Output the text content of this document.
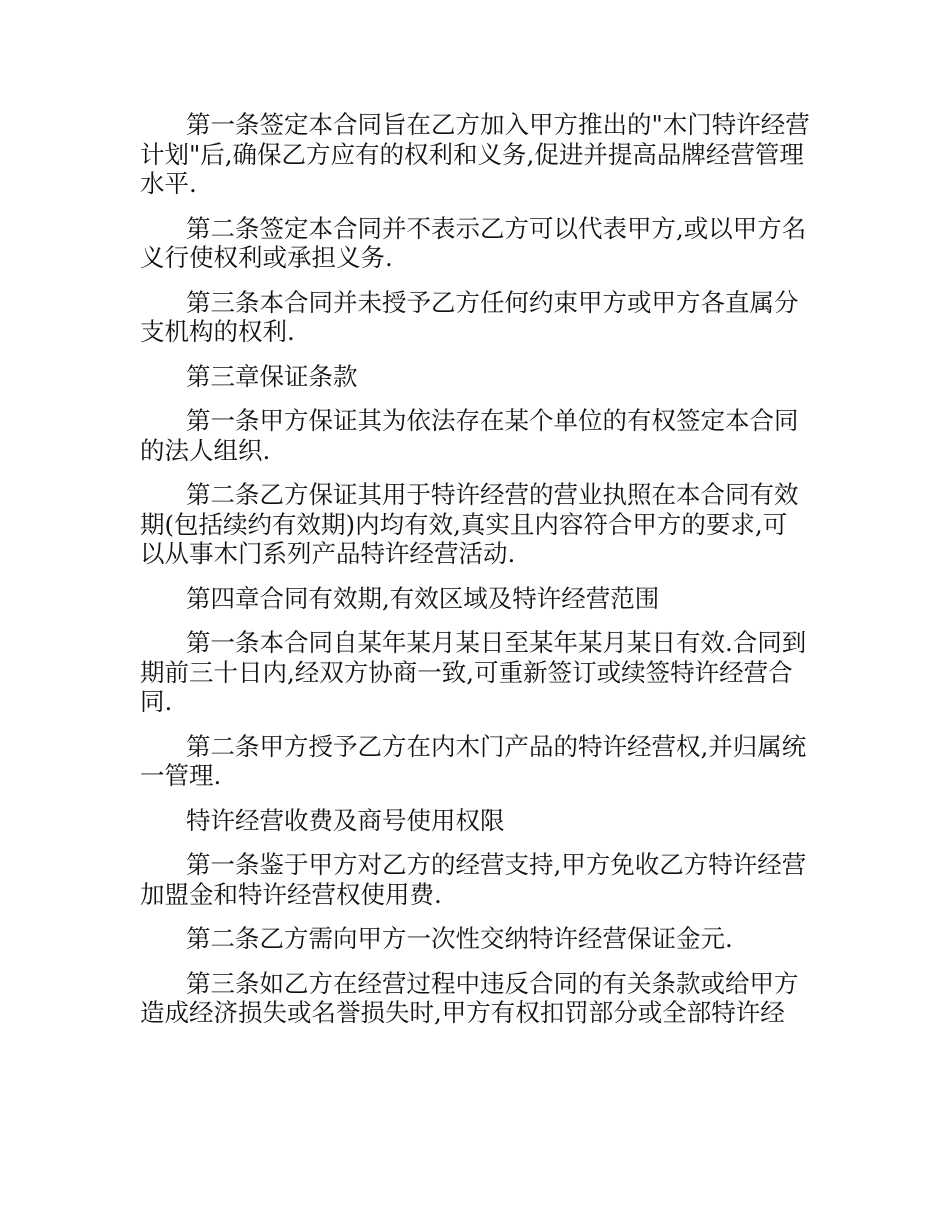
第一条签定本合同旨在乙方加入甲方推出的"木门特许经营计划"后,确保乙方应有的权利和义务,促进并提高品牌经营管理水平.

第二条签定本合同并不表示乙方可以代表甲方,或以甲方名义行使权利或承担义务.

第三条本合同并未授予乙方任何约束甲方或甲方各直属分支机构的权利.

第三章保证条款

第一条甲方保证其为依法存在某个单位的有权签定本合同的法人组织.

第二条乙方保证其用于特许经营的营业执照在本合同有效期(包括续约有效期)内均有效,真实且内容符合甲方的要求,可以从事木门系列产品特许经营活动.

第四章合同有效期,有效区域及特许经营范围

第一条本合同自某年某月某日至某年某月某日有效.合同到期前三十日内,经双方协商一致,可重新签订或续签特许经营合同.

第二条甲方授予乙方在内木门产品的特许经营权,并归属统一管理.

特许经营收费及商号使用权限

第一条鉴于甲方对乙方的经营支持,甲方免收乙方特许经营加盟金和特许经营权使用费.

第二条乙方需向甲方一次性交纳特许经营保证金元.

第三条如乙方在经营过程中违反合同的有关条款或给甲方造成经济损失或名誉损失时,甲方有权扣罚部分或全部特许经
